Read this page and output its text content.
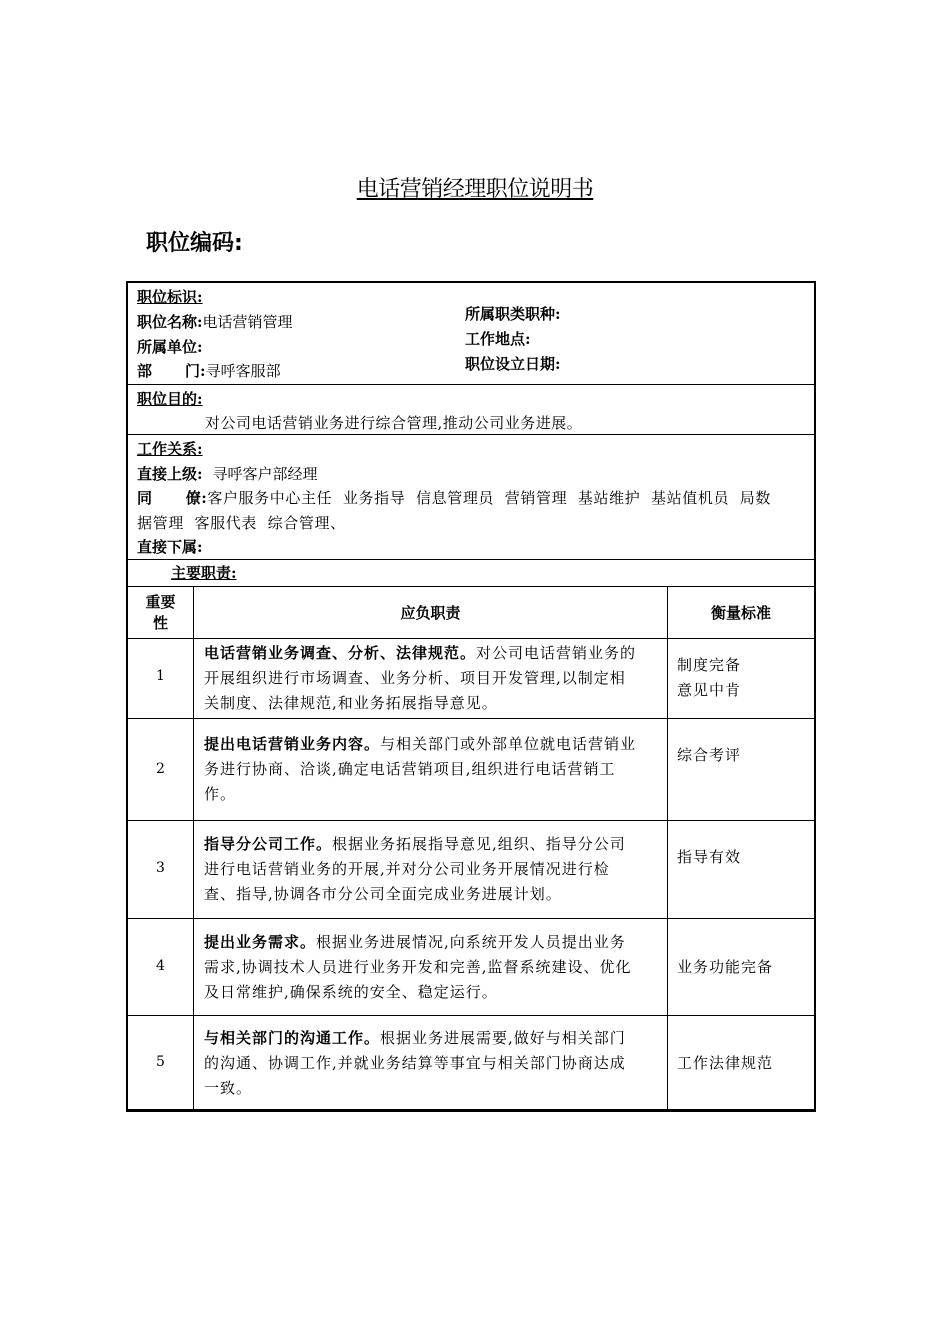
电话营销经理职位说明书
职位编码:
职位标识:
职位名称:电话营销管理
所属单位:
部 门:寻呼客服部
所属职类职种:
工作地点:
职位设立日期:
职位目的:
对公司电话营销业务进行综合管理,推动公司业务进展。
工作关系:
直接上级: 寻呼客户部经理
同 僚:客户服务中心主任  业务指导  信息管理员  营销管理  基站维护  基站值机员  局数
据管理  客服代表  综合管理、
直接下属:
主要职责:
重要
性
应负职责	衡量标准
1
电话营销业务调查、分析、法律规范。对公司电话营销业务的
开展组织进行市场调查、业务分析、项目开发管理,以制定相
关制度、法律规范,和业务拓展指导意见。
制度完备
意见中肯
2
提出电话营销业务内容。与相关部门或外部单位就电话营销业
务进行协商、洽谈,确定电话营销项目,组织进行电话营销工
作。
综合考评
3
指导分公司工作。根据业务拓展指导意见,组织、指导分公司
进行电话营销业务的开展,并对分公司业务开展情况进行检
查、指导,协调各市分公司全面完成业务进展计划。
指导有效
4
提出业务需求。根据业务进展情况,向系统开发人员提出业务
需求,协调技术人员进行业务开发和完善,监督系统建设、优化
及日常维护,确保系统的安全、稳定运行。
业务功能完备
5
与相关部门的沟通工作。根据业务进展需要,做好与相关部门
的沟通、协调工作,并就业务结算等事宜与相关部门协商达成
一致。
工作法律规范
